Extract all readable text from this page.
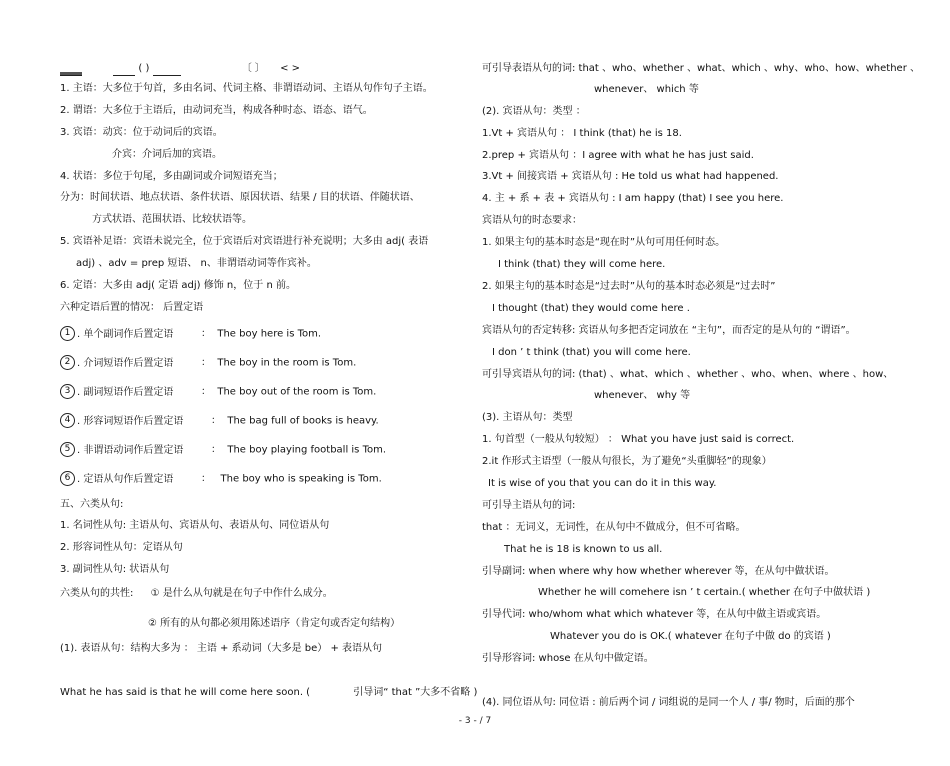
( )	〔 〕 < >
1. 主语：大多位于句首，多由名词、代词主格、非谓语动词、主语从句作句子主语。
2. 谓语：大多位于主语后，由动词充当，构成各种时态、语态、语气。
3. 宾语：动宾：位于动词后的宾语。
介宾：介词后加的宾语。
4. 状语：多位于句尾，多由副词或介词短语充当；
分为：时间状语、地点状语、条件状语、原因状语、结果 / 目的状语、伴随状语、
方式状语、范围状语、比较状语等。
5. 宾语补足语：宾语未说完全，位于宾语后对宾语进行补充说明；大多由 adj( 表语
adj) 、adv = prep 短语、 n、非谓语动词等作宾补。
6. 定语：大多由 adj( 定语 adj) 修饰 n，位于 n 前。
六种定语后置的情况： 后置定语
1 . 单个副词作后置定语	：  The boy here is Tom.
2 . 介词短语作后置定语	：  The boy in the room is Tom.
3 . 副词短语作后置定语	：  The boy out of the room is Tom.
4 . 形容词短语作后置定语	：  The bag full of books is heavy.
5 . 非谓语动词作后置定语	：  The boy playing football is Tom.
6 . 定语从句作后置定语	：   The boy who is speaking is Tom.
五、六类从句:
1. 名词性从句: 主语从句、宾语从句、表语从句、同位语从句
2. 形容词性从句：定语从句
3. 副词性从句: 状语从句
六类从句的共性: ① 是什么从句就是在句子中作什么成分。
② 所有的从句都必须用陈述语序（肯定句或否定句结构）
(1). 表语从句：结构大多为 ： 主语 + 系动词（大多是 be） + 表语从句
What he has said is that he will come here soon. (	引导词“ that ”大多不省略 )
可引导表语从句的词: that 、who、whether 、what、which 、why、who、how、whether 、
whenever、 which 等
(2). 宾语从句：类型 ：
1.Vt + 宾语从句 ： I think (that) he is 18.
2.prep + 宾语从句 ：I agree with what he has just said.
3.Vt + 间接宾语 + 宾语从句 : He told us what had happened.
4. 主 + 系 + 表 + 宾语从句 : I am happy (that) I see you here.
宾语从句的时态要求：
1. 如果主句的基本时态是“现在时”从句可用任何时态。
I think (that) they will come here.
2. 如果主句的基本时态是“过去时”从句的基本时态必须是“过去时”
I thought (that) they would come here .
宾语从句的否定转移: 宾语从句多把否定词放在 “主句”，而否定的是从句的 “谓语”。
I don ’ t think (that) you will come here.
可引导宾语从句的词: (that) 、what、which 、whether 、who、when、where 、how、
whenever、 why 等
(3). 主语从句：类型
1. 句首型（一般从句较短） ： What you have just said is correct.
2.it 作形式主语型（一般从句很长，为了避免“头重脚轻”的现象）
It is wise of you that you can do it in this way.
可引导主语从句的词:
that ：无词义，无词性，在从句中不做成分，但不可省略。
That he is 18 is known to us all.
引导副词: when where why how whether wherever 等，在从句中做状语。
Whether he will comehere isn ’ t certain.( whether 在句子中做状语 )
引导代词: who/whom what which whatever 等，在从句中做主语或宾语。
Whatever you do is OK.( whatever 在句子中做 do 的宾语 )
引导形容词: whose 在从句中做定语。
(4). 同位语从句: 同位语 : 前后两个词 / 词组说的是同一个人 / 事/ 物时，后面的那个
- 3 - / 7
